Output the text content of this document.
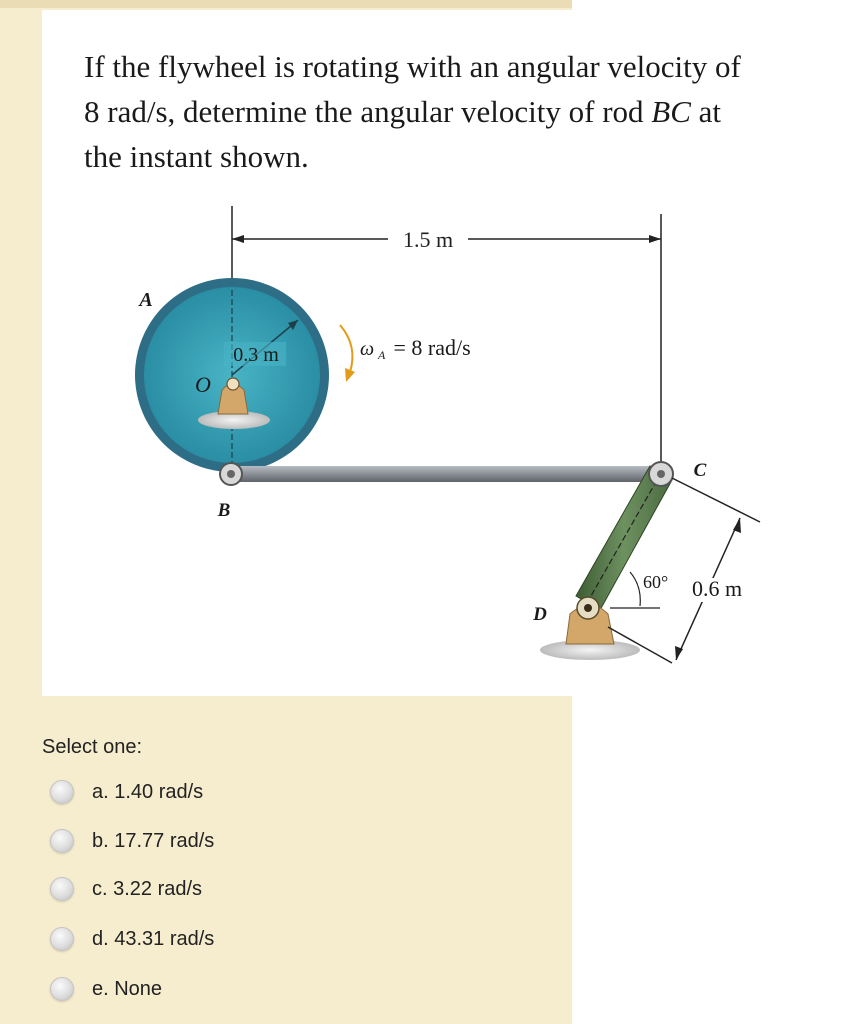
If the flywheel is rotating with an angular velocity of
8 rad/s, determine the angular velocity of rod BC at
the instant shown.

1.5 m
0.3 m
O
A
ω A = 8 rad/s
60° 0.6 m
B
C
D
Select one:
a. 1.40 rad/s
b. 17.77 rad/s
c. 3.22 rad/s
d. 43.31 rad/s
e. None
